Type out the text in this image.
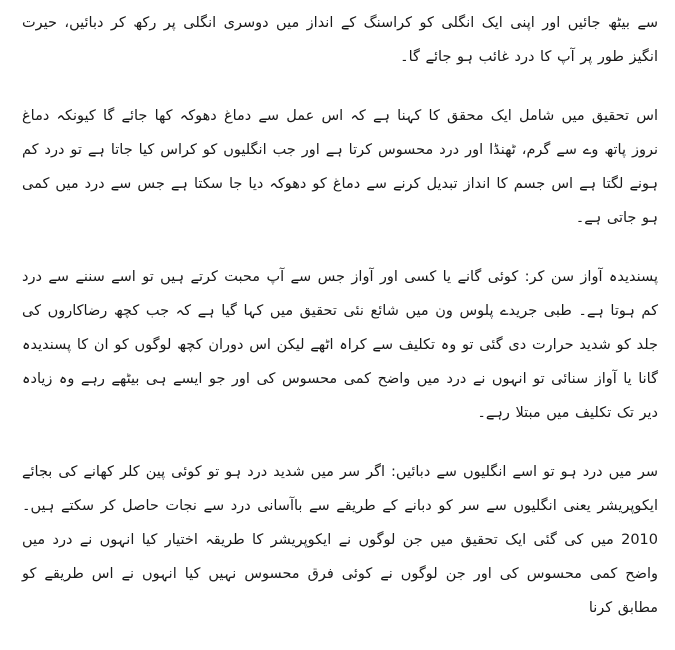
سے بیٹھ جائیں اور اپنی ایک انگلی کو کراسنگ کے انداز میں دوسری انگلی پر رکھ کر دبائیں، حیرت انگیز طور پر آپ کا درد غائب ہو جائے گا۔

اس تحقیق میں شامل ایک محقق کا کہنا ہے کہ اس عمل سے دماغ دھوکہ کھا جائے گا کیونکہ دماغ نروز پاتھ وے سے گرم، ٹھنڈا اور درد محسوس کرتا ہے اور جب انگلیوں کو کراس کیا جاتا ہے تو درد کم ہونے لگتا ہے اس جسم کا انداز تبدیل کرنے سے دماغ کو دھوکہ دیا جا سکتا ہے جس سے درد میں کمی ہو جاتی ہے۔

پسندیدہ آواز سن کر: کوئی گانے یا کسی اور آواز جس سے آپ محبت کرتے ہیں تو اسے سننے سے درد کم ہوتا ہے۔ طبی جریدے پلوس ون میں شائع نئی تحقیق میں کہا گیا ہے کہ جب کچھ رضاکاروں کی جلد کو شدید حرارت دی گئی تو وہ تکلیف سے کراہ اٹھے لیکن اس دوران کچھ لوگوں کو ان کا پسندیدہ گانا یا آواز سنائی تو انہوں نے درد میں واضح کمی محسوس کی اور جو ایسے ہی بیٹھے رہے وہ زیادہ دیر تک تکلیف میں مبتلا رہے۔

سر میں درد ہو تو اسے انگلیوں سے دبائیں: اگر سر میں شدید درد ہو تو کوئی پین کلر کھانے کی بجائے ایکوپریشر یعنی انگلیوں سے سر کو دبانے کے طریقے سے باآسانی درد سے نجات حاصل کر سکتے ہیں۔ 2010 میں کی گئی ایک تحقیق میں جن لوگوں نے ایکوپریشر کا طریقہ اختیار کیا انہوں نے درد میں واضح کمی محسوس کی اور جن لوگوں نے کوئی فرق محسوس نہیں کیا انہوں نے اس طریقے کو مطابق کرنا
